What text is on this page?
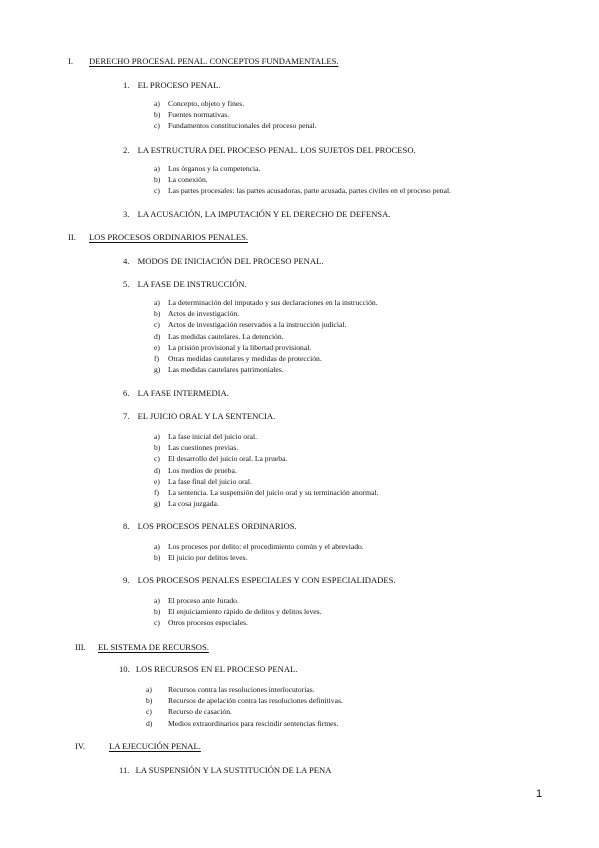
I. DERECHO PROCESAL PENAL. CONCEPTOS FUNDAMENTALES.
II. LOS PROCESOS ORDINARIOS PENALES.
III. EL SISTEMA DE RECURSOS.
IV.	LA EJECUCIÓN PENAL.
1. EL PROCESO PENAL.
a) Concepto, objeto y fines.
b) Fuentes normativas.
c) Fundamentos constitucionales del proceso penal.
2. LA ESTRUCTURA DEL PROCESO PENAL. LOS SUJETOS DEL PROCESO.
a) Los órganos y la competencia.
b) La conexión.
c) Las partes procesales: las partes acusadoras, parte acusada, partes civiles en el proceso penal.
3. LA ACUSACIÓN, LA IMPUTACIÓN Y EL DERECHO DE DEFENSA.
4. MODOS DE INICIACIÓN DEL PROCESO PENAL.
5. LA FASE DE INSTRUCCIÓN.
a) La determinación del imputado y sus declaraciones en la instrucción.
b) Actos de investigación.
c) Actos de investigación reservados a la instrucción judicial.
d) Las medidas cautelares. La detención.
e) La prisión provisional y la libertad provisional.
f) Otras medidas cautelares y medidas de protección.
g) Las medidas cautelares patrimoniales.
6. LA FASE INTERMEDIA.
7. EL JUICIO ORAL Y LA SENTENCIA.
a) La fase inicial del juicio oral.
b) Las cuestiones previas.
c) El desarrollo del juicio oral. La prueba.
d) Los medios de prueba.
e) La fase final del juicio oral.
f) La sentencia. La suspensión del juicio oral y su terminación anormal.
g) La cosa juzgada.
8. LOS PROCESOS PENALES ORDINARIOS.
a) Los procesos por delito: el procedimiento común y el abreviado.
b) El juicio por delitos leves.
9. LOS PROCESOS PENALES ESPECIALES Y CON ESPECIALIDADES.
a) El proceso ante Jurado.
b) El enjuiciamiento rápido de delitos y delitos leves.
c) Otros procesos especiales.
10. LOS RECURSOS EN EL PROCESO PENAL.
a) Recursos contra las resoluciones interlocutorias.
b) Recursos de apelación contra las resoluciones definitivas.
c) Recurso de casación.
d) Medios extraordinarios para rescindir sentencias firmes.
11. LA SUSPENSIÓN Y LA SUSTITUCIÓN DE LA PENA
1
